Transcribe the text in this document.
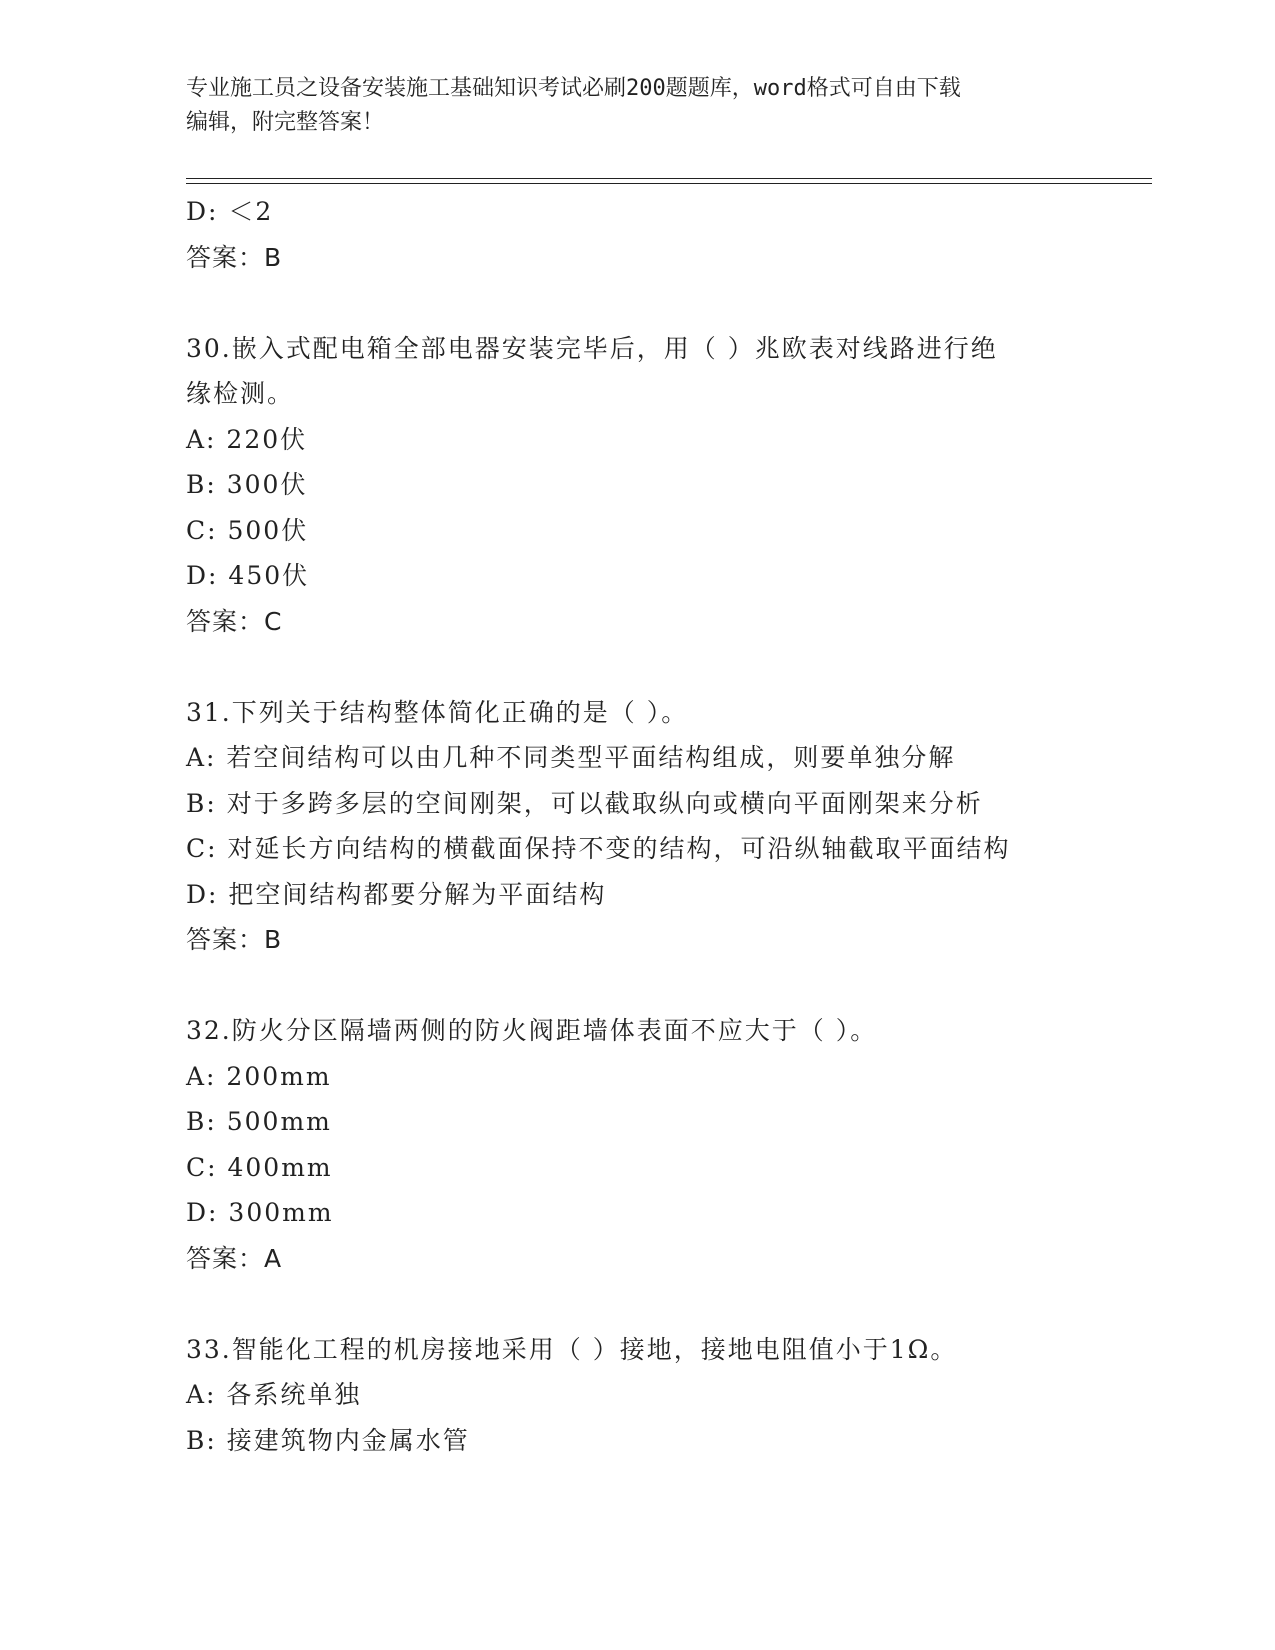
专业施工员之设备安装施工基础知识考试必刷200题题库，word格式可自由下载
编辑，附完整答案！
D: ＜2
答案：B
30.嵌入式配电箱全部电器安装完毕后，用（ ）兆欧表对线路进行绝
缘检测。
A: 220伏
B: 300伏
C: 500伏
D: 450伏
答案：C
31.下列关于结构整体简化正确的是（ ）。
A: 若空间结构可以由几种不同类型平面结构组成，则要单独分解
B: 对于多跨多层的空间刚架，可以截取纵向或横向平面刚架来分析
C: 对延长方向结构的横截面保持不变的结构，可沿纵轴截取平面结构
D: 把空间结构都要分解为平面结构
答案：B
32.防火分区隔墙两侧的防火阀距墙体表面不应大于（ ）。
A: 200mm
B: 500mm
C: 400mm
D: 300mm
答案：A
33.智能化工程的机房接地采用（ ）接地，接地电阻值小于1Ω。
A: 各系统单独
B: 接建筑物内金属水管
